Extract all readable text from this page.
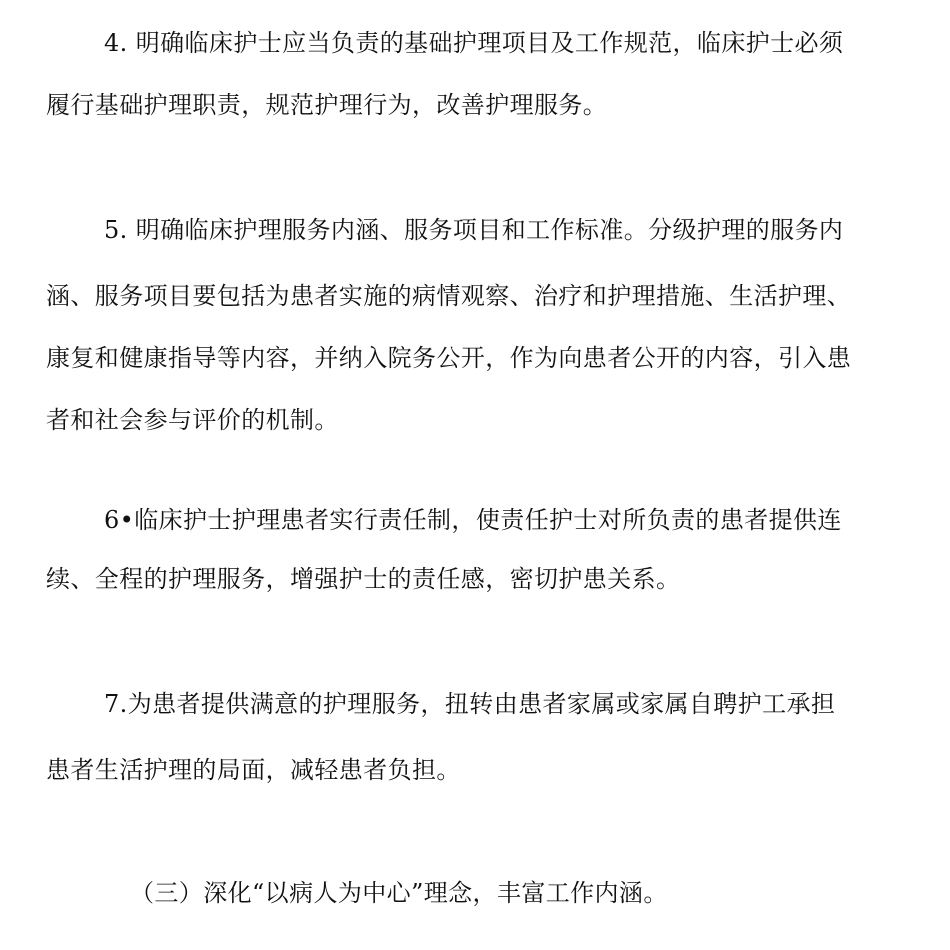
4. 明确临床护士应当负责的基础护理项目及工作规范，临床护士必须
履行基础护理职责，规范护理行为，改善护理服务。
5. 明确临床护理服务内涵、服务项目和工作标准。分级护理的服务内
涵、服务项目要包括为患者实施的病情观察、治疗和护理措施、生活护理、
康复和健康指导等内容，并纳入院务公开，作为向患者公开的内容，引入患
者和社会参与评价的机制。
6•临床护士护理患者实行责任制，使责任护士对所负责的患者提供连
续、全程的护理服务，增强护士的责任感，密切护患关系。
7.为患者提供满意的护理服务，扭转由患者家属或家属自聘护工承担
患者生活护理的局面，减轻患者负担。
（三）深化“以病人为中心”理念，丰富工作内涵。
